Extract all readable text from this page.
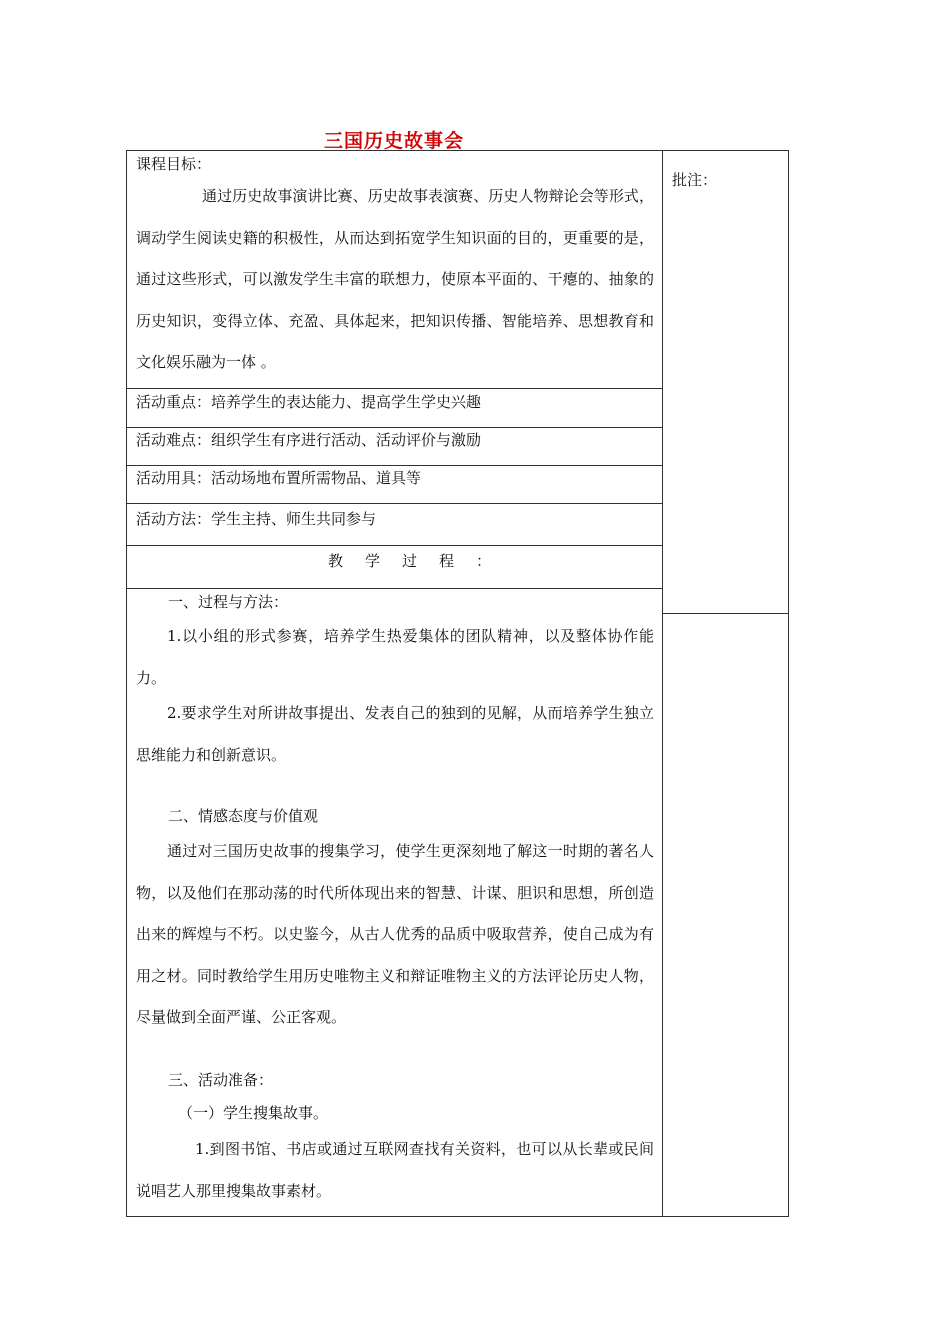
三国历史故事会
批注：
课程目标：
通过历史故事演讲比赛、历史故事表演赛、历史人物辩论会等形式，调动学生阅读史籍的积极性，从而达到拓宽学生知识面的目的，更重要的是，通过这些形式，可以激发学生丰富的联想力，使原本平面的、干瘪的、抽象的历史知识，变得立体、充盈、具体起来，把知识传播、智能培养、思想教育和文化娱乐融为一体 。
活动重点：培养学生的表达能力、提高学生学史兴趣
活动难点：组织学生有序进行活动、活动评价与激励
活动用具：活动场地布置所需物品、道具等
活动方法：学生主持、师生共同参与
教学过程：
一、过程与方法：
1.以小组的形式参赛，培养学生热爱集体的团队精神，以及整体协作能力。
2.要求学生对所讲故事提出、发表自己的独到的见解，从而培养学生独立思维能力和创新意识。
二、情感态度与价值观
通过对三国历史故事的搜集学习，使学生更深刻地了解这一时期的著名人物，以及他们在那动荡的时代所体现出来的智慧、计谋、胆识和思想，所创造出来的辉煌与不朽。以史鉴今，从古人优秀的品质中吸取营养，使自己成为有用之材。同时教给学生用历史唯物主义和辩证唯物主义的方法评论历史人物，尽量做到全面严谨、公正客观。
三、活动准备：
（一）学生搜集故事。
1.到图书馆、书店或通过互联网查找有关资料，也可以从长辈或民间说唱艺人那里搜集故事素材。
